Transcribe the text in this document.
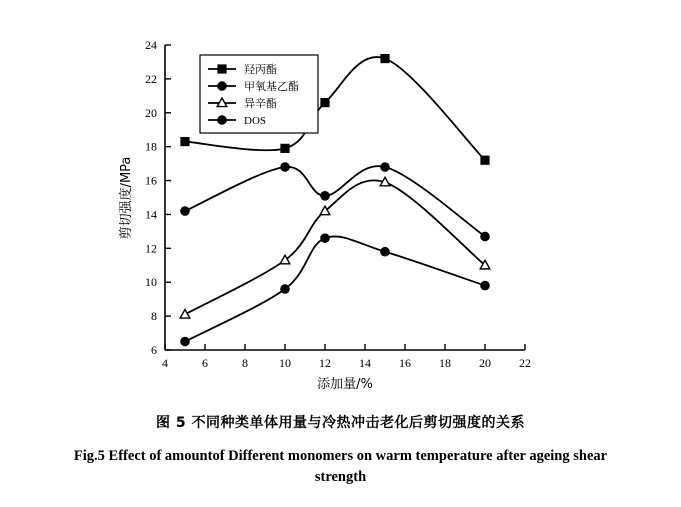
4	6	8	10 12 14 16 18 20 22
6
8
10
12
14
16
18
20
22
24
添加量/%
剪切强度/MPa
羟丙酯
甲氧基乙酯
异辛酯
DOS

图 5 不同种类单体用量与冷热冲击老化后剪切强度的关系

Fig.5 Effect of amountof Different monomers on warm temperature after ageing shear strength
